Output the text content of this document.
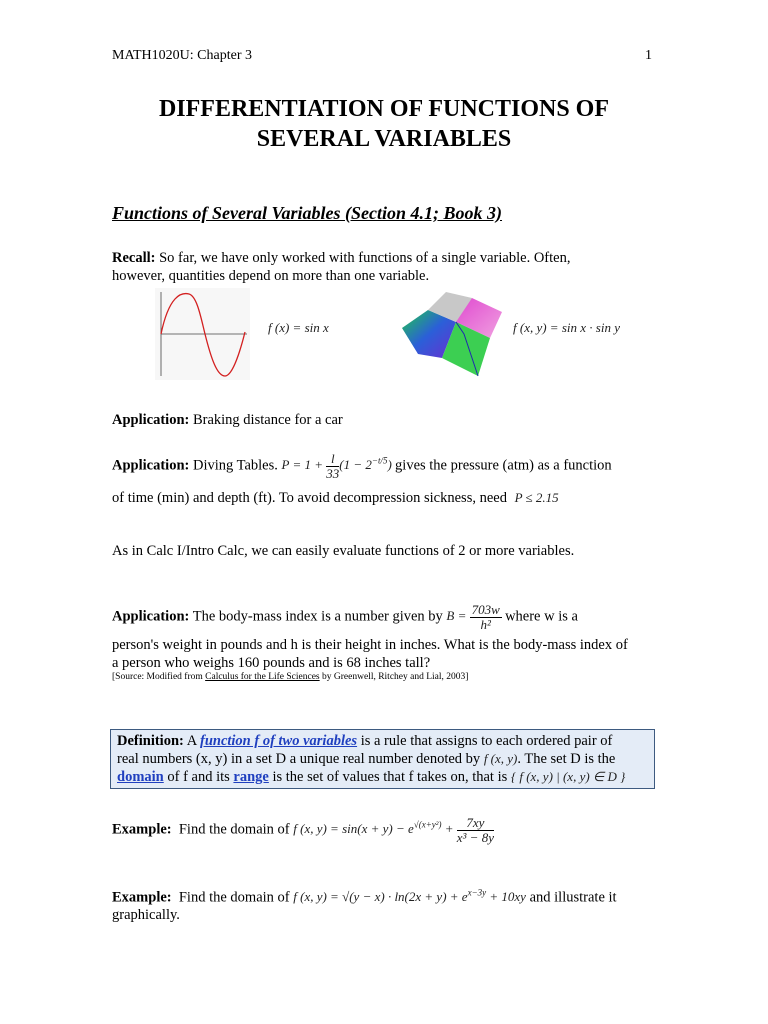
MATH1020U: Chapter 3	1
DIFFERENTIATION OF FUNCTIONS OF
SEVERAL VARIABLES
Functions of Several Variables (Section 4.1; Book 3)
Recall: So far, we have only worked with functions of a single variable. Often,
however, quantities depend on more than one variable.
f (x) = sin x	f (x, y) = sin x · sin y
Application: Braking distance for a car
Application: Diving Tables. $P = 1 + \frac{l}{33} (1 - 2^{-t/5})$ gives the pressure (atm) as a function
of time (min) and depth (ft). To avoid decompression sickness, need P ≤ 2.15
As in Calc I/Intro Calc, we can easily evaluate functions of 2 or more variables.
Application: The body-mass index is a number given by $B = \frac{703w}{\text{h²}}$ where w is a
person's weight in pounds and h is their height in inches. What is the body-mass index of
a person who weighs 160 pounds and is 68 inches tall?
[Source: Modified from Calculus for the Life Sciences by Greenwell, Ritchey and Lial, 2003]
Definition: A function f of two variables is a rule that assigns to each ordered pair of
real numbers (x, y) in a set D a unique real number denoted by f (x, y). The set D is the
domain of f and its range is the set of values that f takes on, that is { f (x, y) | (x, y) ∈ D }
Example: Find the domain of f (x, $y) = \sin(x + y) - e^{√(x+y^2)} + \frac{7xy}{\text{x³ − 8y}}$
Example: Find the domain of f (x, $y) = √(y - x) \cdot \ln(2x + y) + e^{x-3y} + 10xy$ and illustrate it
graphically.
